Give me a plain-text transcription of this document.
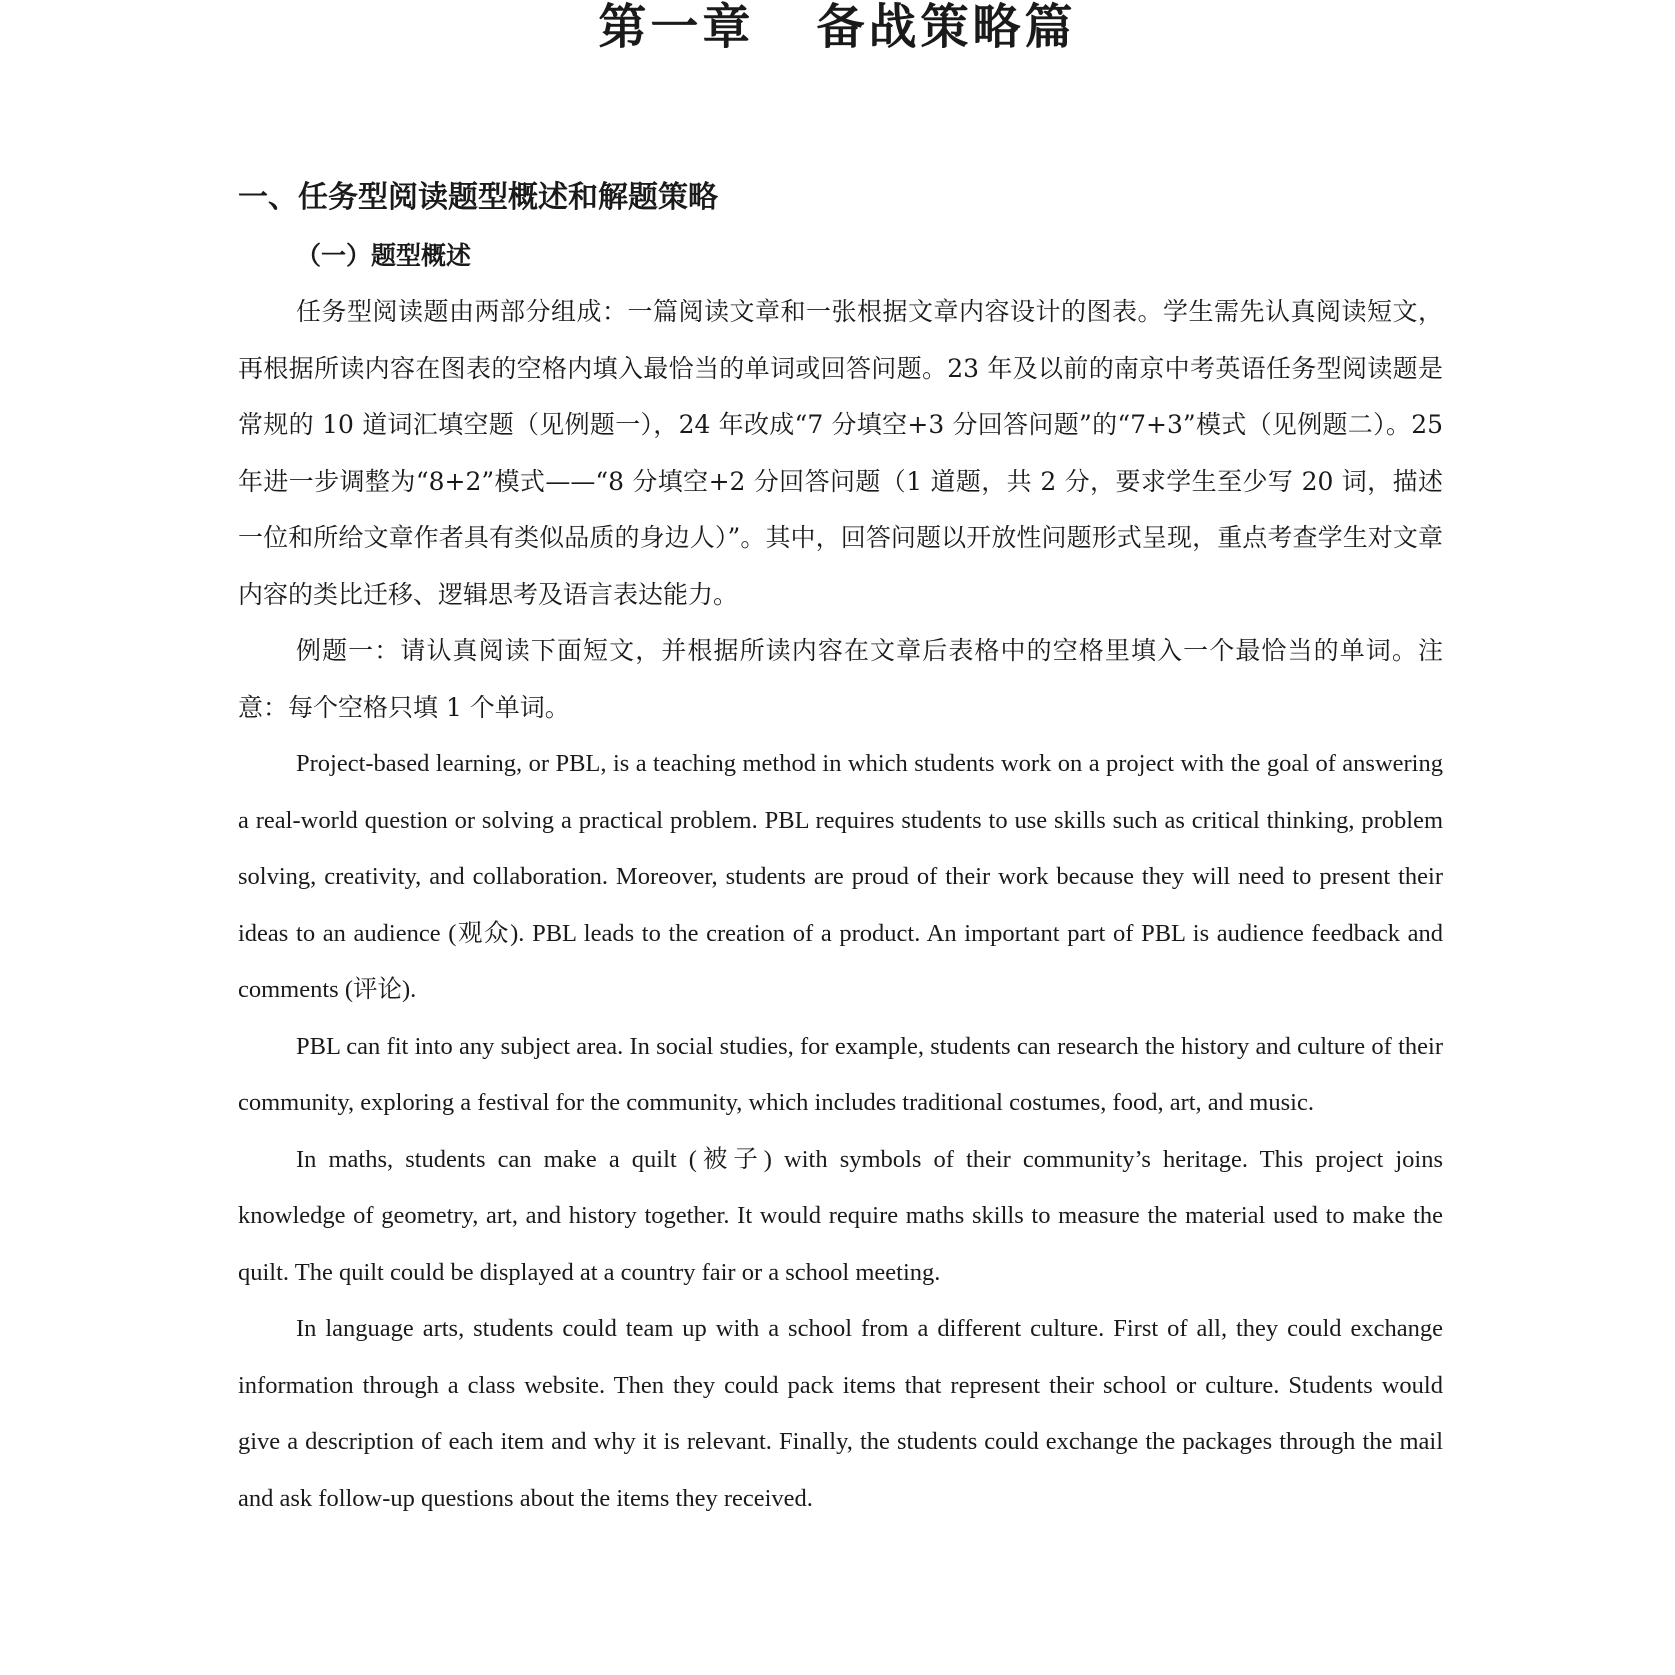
第一章   备战策略篇
一、任务型阅读题型概述和解题策略
（一）题型概述

任务型阅读题由两部分组成：一篇阅读文章和一张根据文章内容设计的图表。学生需先认真阅读短文，再根据所读内容在图表的空格内填入最恰当的单词或回答问题。23 年及以前的南京中考英语任务型阅读题是常规的 10 道词汇填空题（见例题一），24 年改成“7 分填空+3 分回答问题”的“7+3”模式（见例题二）。25 年进一步调整为“8+2”模式——“8 分填空+2 分回答问题（1 道题，共 2 分，要求学生至少写 20 词，描述一位和所给文章作者具有类似品质的身边人）”。其中，回答问题以开放性问题形式呈现，重点考查学生对文章内容的类比迁移、逻辑思考及语言表达能力。

例题一：请认真阅读下面短文，并根据所读内容在文章后表格中的空格里填入一个最恰当的单词。注意：每个空格只填 1 个单词。

Project-based learning, or PBL, is a teaching method in which students work on a project with the goal of answering a real-world question or solving a practical problem. PBL requires students to use skills such as critical thinking, problem solving, creativity, and collaboration. Moreover, students are proud of their work because they will need to present their ideas to an audience (观众). PBL leads to the creation of a product. An important part of PBL is audience feedback and comments (评论).

PBL can fit into any subject area. In social studies, for example, students can research the history and culture of their community, exploring a festival for the community, which includes traditional costumes, food, art, and music.

In maths, students can make a quilt (被子) with symbols of their community’s heritage. This project joins knowledge of geometry, art, and history together. It would require maths skills to measure the material used to make the quilt. The quilt could be displayed at a country fair or a school meeting.

In language arts, students could team up with a school from a different culture. First of all, they could exchange information through a class website. Then they could pack items that represent their school or culture. Students would give a description of each item and why it is relevant. Finally, the students could exchange the packages through the mail and ask follow-up questions about the items they received.
